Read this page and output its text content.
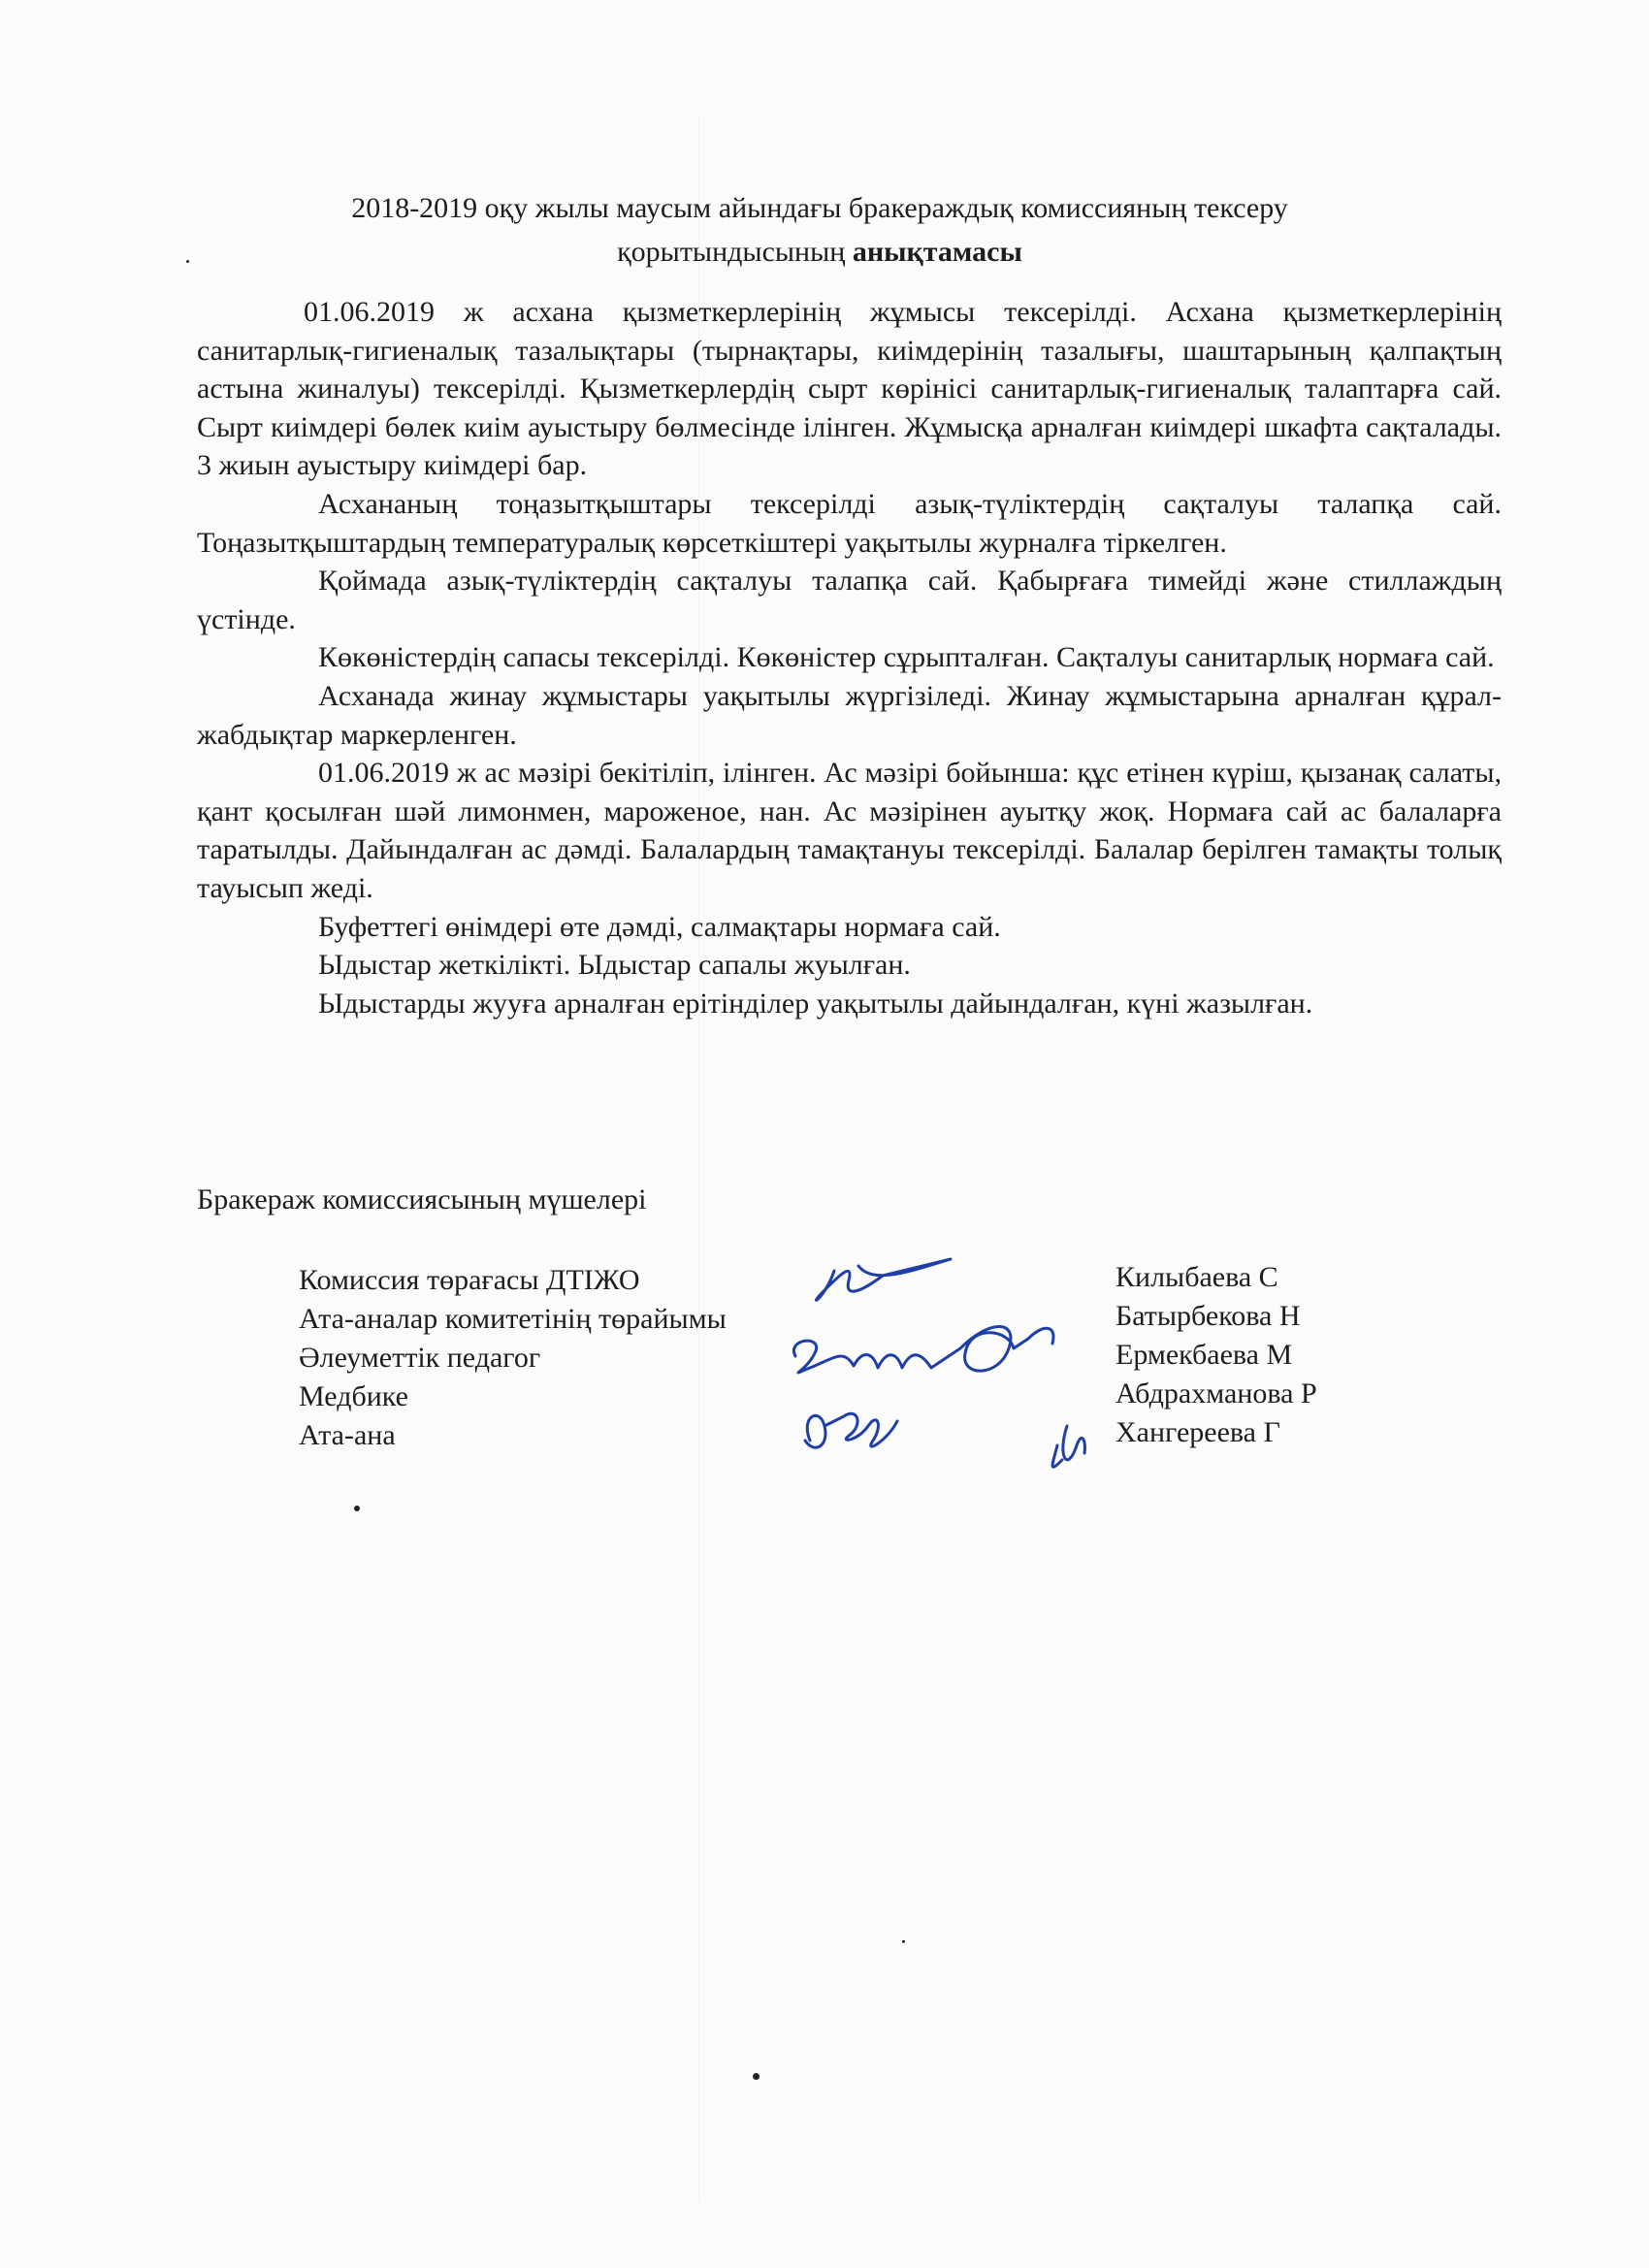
2018-2019 оқу жылы маусым айындағы бракераждық комиссияның тексеру
қорытындысының анықтамасы

01.06.2019 ж асхана қызметкерлерінің жұмысы тексерілді. Асхана қызметкерлерінің санитарлық-гигиеналық тазалықтары (тырнақтары, киімдерінің тазалығы, шаштарының қалпақтың астына жиналуы) тексерілді. Қызметкерлердің сырт көрінісі санитарлық-гигиеналық талаптарға сай. Сырт киімдері бөлек киім ауыстыру бөлмесінде ілінген. Жұмысқа арналған киімдері шкафта сақталады. 3 жиын ауыстыру киімдері бар.

Асхананың тоңазытқыштары тексерілді азық-түліктердің сақталуы талапқа сай. Тоңазытқыштардың температуралық көрсеткіштері уақытылы журналға тіркелген.

Қоймада азық-түліктердің сақталуы талапқа сай. Қабырғаға тимейді және стиллаждың үстінде.

Көкөністердің сапасы тексерілді. Көкөністер сұрыпталған. Сақталуы санитарлық нормаға сай.

Асханада жинау жұмыстары уақытылы жүргізіледі. Жинау жұмыстарына арналған құрал-жабдықтар маркерленген.

01.06.2019 ж ас мәзірі бекітіліп, ілінген. Ас мәзірі бойынша: құс етінен күріш, қызанақ салаты, қант қосылған шәй лимонмен, мароженое, нан. Ас мәзірінен ауытқу жоқ. Нормаға сай ас балаларға таратылды. Дайындалған ас дәмді. Балалардың тамақтануы тексерілді. Балалар берілген тамақты толық тауысып жеді.

Буфеттегі өнімдері өте дәмді, салмақтары нормаға сай.

Ыдыстар жеткілікті. Ыдыстар сапалы жуылған.

Ыдыстарды жууға арналған ерітінділер уақытылы дайындалған, күні жазылған.

Бракераж комиссиясының мүшелері
Комиссия төрағасы ДТІЖО
Ата-аналар комитетінің төрайымы
Әлеуметтік педагог
Медбике
Ата-ана
Килыбаева С
Батырбекова Н
Ермекбаева М
Абдрахманова Р
Хангереева Г
